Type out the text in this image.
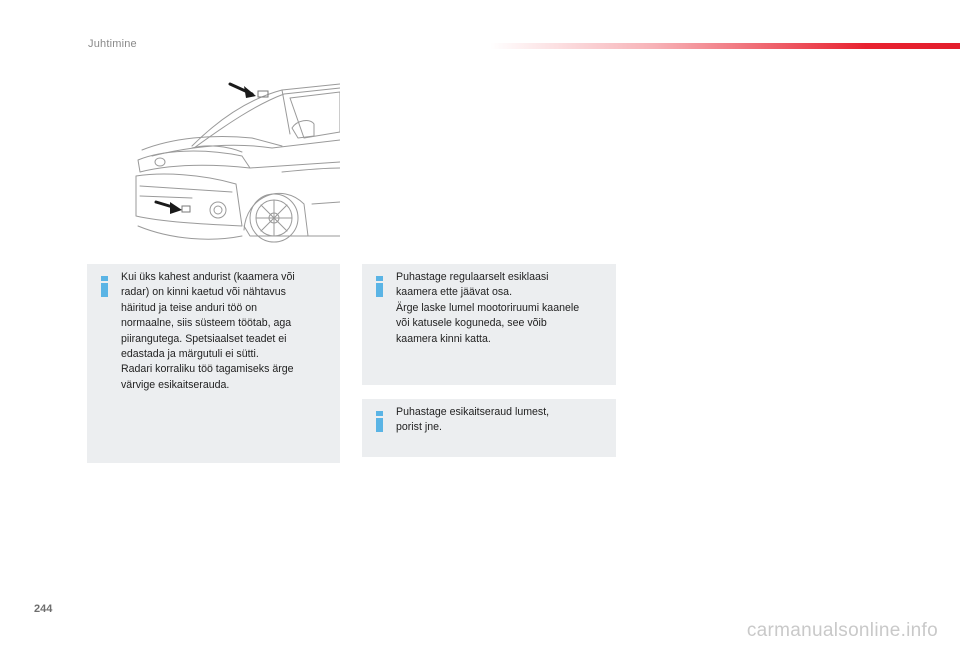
Juhtimine

Kui üks kahest andurist (kaamera või

radar) on kinni kaetud või nähtavus

häiritud ja teise anduri töö on

normaalne, siis süsteem töötab, aga

piirangutega. Spetsiaalset teadet ei

edastada ja märgutuli ei sütti.

Radari korraliku töö tagamiseks ärge

värvige esikaitserauda.

Puhastage regulaarselt esiklaasi

kaamera ette jäävat osa.

Ärge laske lumel mootoriruumi kaanele

või katusele koguneda, see võib

kaamera kinni katta.

Puhastage esikaitseraud lumest,

porist jne.

244
carmanualsonline.info
